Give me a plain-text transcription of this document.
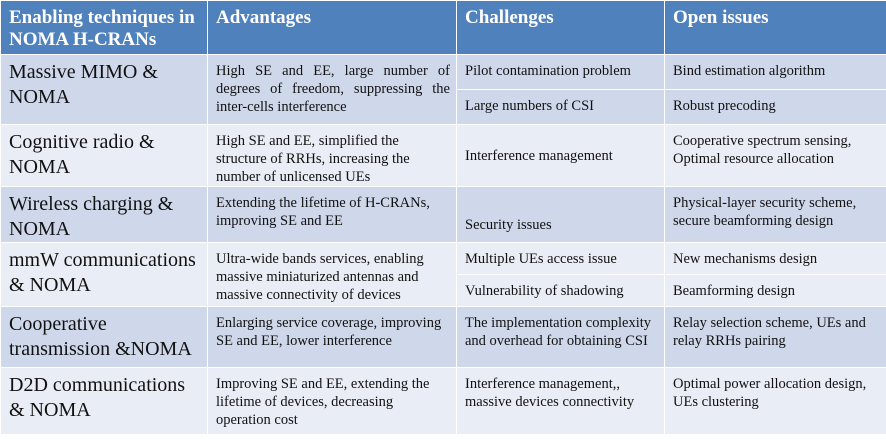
Enabling techniques in NOMA H-CRANs	Advantages	Challenges	Open issues
Massive MIMO & NOMA	High SE and EE, large number of degrees of freedom, suppressing the inter-cells interference	Pilot contamination problem	Bind estimation algorithm
		Large numbers of CSI	Robust precoding
Cognitive radio & NOMA	High SE and EE, simplified the structure of RRHs, increasing the number of unlicensed UEs	Interference management	Cooperative spectrum sensing, Optimal resource allocation
Wireless charging & NOMA	Extending the lifetime of H-CRANs, improving SE and EE	Security issues	Physical-layer security scheme, secure beamforming design
mmW communications & NOMA	Ultra-wide bands services, enabling massive miniaturized antennas and massive connectivity of devices	Multiple UEs access issue	New mechanisms design
		Vulnerability of shadowing	Beamforming design
Cooperative transmission &NOMA	Enlarging service coverage, improving SE and EE, lower interference	The implementation complexity and overhead for obtaining CSI	Relay selection scheme, UEs and relay RRHs pairing
D2D communications & NOMA	Improving SE and EE, extending the lifetime of devices, decreasing operation cost	Interference management,, massive devices connectivity	Optimal power allocation design, UEs clustering
